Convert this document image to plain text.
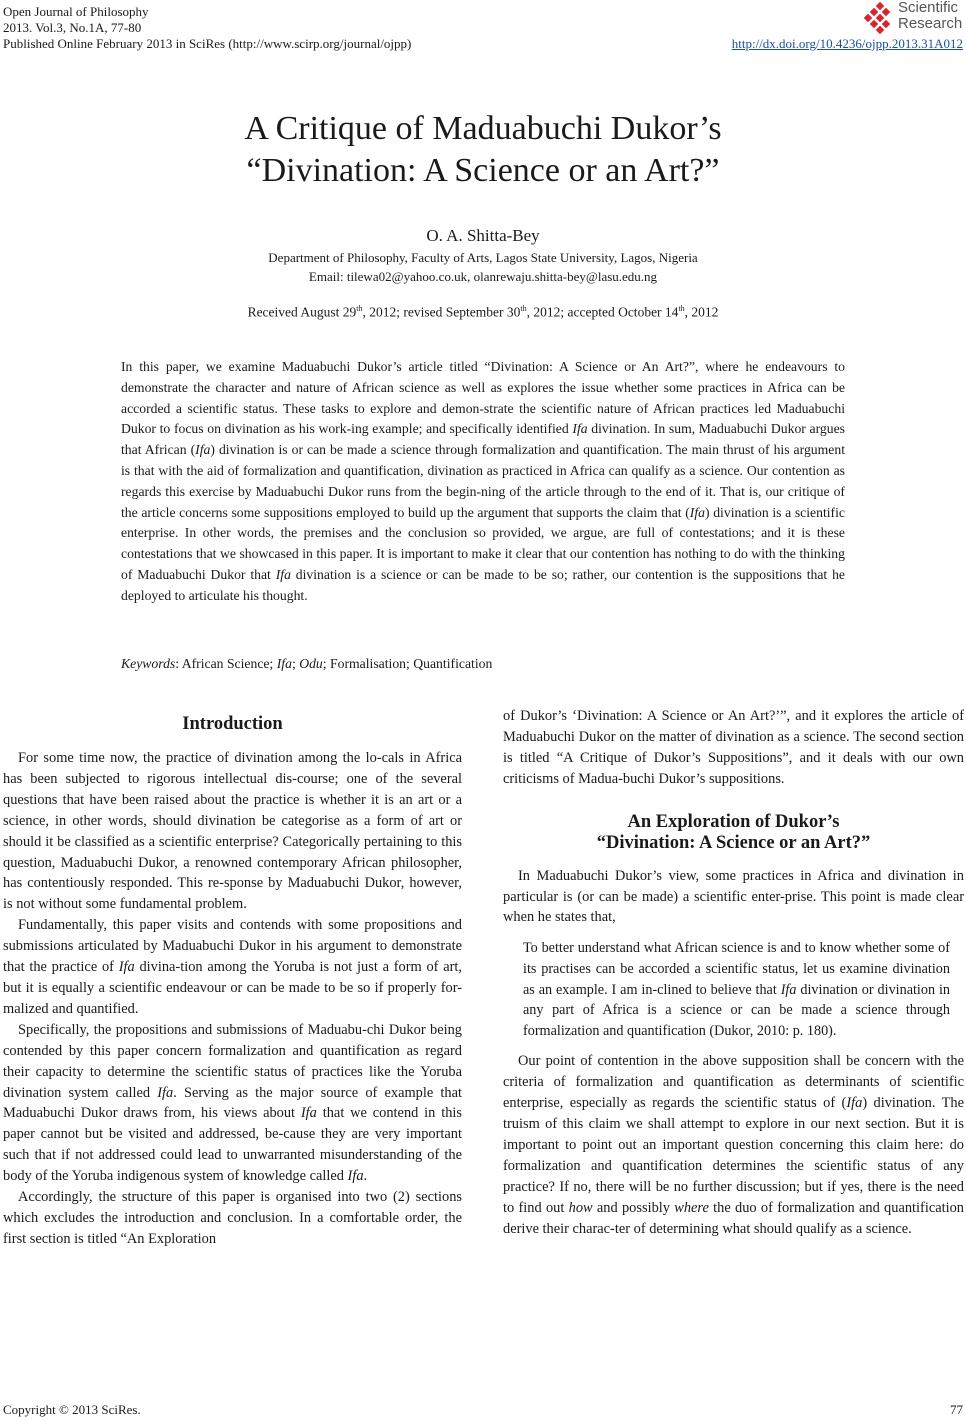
Open Journal of Philosophy
2013. Vol.3, No.1A, 77-80
Published Online February 2013 in SciRes (http://www.scirp.org/journal/ojpp)	http://dx.doi.org/10.4236/ojpp.2013.31A012
Scientific
Research
A Critique of Maduabuchi Dukor’s
“Divination: A Science or an Art?”
O. A. Shitta-Bey
Department of Philosophy, Faculty of Arts, Lagos State University, Lagos, Nigeria
Email: tilewa02@yahoo.co.uk, olanrewaju.shitta-bey@lasu.edu.ng
Received August 29th, 2012; revised September 30th, 2012; accepted October 14th, 2012
In this paper, we examine Maduabuchi Dukor’s article titled “Divination: A Science or An Art?”, where he endeavours to demonstrate the character and nature of African science as well as explores the issue whether some practices in Africa can be accorded a scientific status. These tasks to explore and demon-strate the scientific nature of African practices led Maduabuchi Dukor to focus on divination as his work-ing example; and specifically identified Ifa divination. In sum, Maduabuchi Dukor argues that African (Ifa) divination is or can be made a science through formalization and quantification. The main thrust of his argument is that with the aid of formalization and quantification, divination as practiced in Africa can qualify as a science. Our contention as regards this exercise by Maduabuchi Dukor runs from the begin-ning of the article through to the end of it. That is, our critique of the article concerns some suppositions employed to build up the argument that supports the claim that (Ifa) divination is a scientific enterprise. In other words, the premises and the conclusion so provided, we argue, are full of contestations; and it is these contestations that we showcased in this paper. It is important to make it clear that our contention has nothing to do with the thinking of Maduabuchi Dukor that Ifa divination is a science or can be made to be so; rather, our contention is the suppositions that he deployed to articulate his thought.
Keywords: African Science; Ifa; Odu; Formalisation; Quantification
Introduction

For some time now, the practice of divination among the lo-cals in Africa has been subjected to rigorous intellectual dis-course; one of the several questions that have been raised about the practice is whether it is an art or a science, in other words, should divination be categorise as a form of art or should it be classified as a scientific enterprise? Categorically pertaining to this question, Maduabuchi Dukor, a renowned contemporary African philosopher, has contentiously responded. This re-sponse by Maduabuchi Dukor, however, is not without some fundamental problem.

Fundamentally, this paper visits and contends with some propositions and submissions articulated by Maduabuchi Dukor in his argument to demonstrate that the practice of Ifa divina-tion among the Yoruba is not just a form of art, but it is equally a scientific endeavour or can be made to be so if properly for-malized and quantified.

Specifically, the propositions and submissions of Maduabu-chi Dukor being contended by this paper concern formalization and quantification as regard their capacity to determine the scientific status of practices like the Yoruba divination system called Ifa. Serving as the major source of example that Maduabuchi Dukor draws from, his views about Ifa that we contend in this paper cannot but be visited and addressed, be-cause they are very important such that if not addressed could lead to unwarranted misunderstanding of the body of the Yoruba indigenous system of knowledge called Ifa.

Accordingly, the structure of this paper is organised into two (2) sections which excludes the introduction and conclusion. In a comfortable order, the first section is titled “An Exploration

of Dukor’s ‘Divination: A Science or An Art?’”, and it explores the article of Maduabuchi Dukor on the matter of divination as a science. The second section is titled “A Critique of Dukor’s Suppositions”, and it deals with our own criticisms of Madua-buchi Dukor’s suppositions.

An Exploration of Dukor’s
“Divination: A Science or an Art?”

In Maduabuchi Dukor’s view, some practices in Africa and divination in particular is (or can be made) a scientific enter-prise. This point is made clear when he states that,

To better understand what African science is and to know whether some of its practises can be accorded a scientific status, let us examine divination as an example. I am in-clined to believe that Ifa divination or divination in any part of Africa is a science or can be made a science through formalization and quantification (Dukor, 2010: p. 180).

Our point of contention in the above supposition shall be concern with the criteria of formalization and quantification as determinants of scientific enterprise, especially as regards the scientific status of (Ifa) divination. The truism of this claim we shall attempt to explore in our next section. But it is important to point out an important question concerning this claim here: do formalization and quantification determines the scientific status of any practice? If no, there will be no further discussion; but if yes, there is the need to find out how and possibly where the duo of formalization and quantification derive their charac-ter of determining what should qualify as a science.

Copyright © 2013 SciRes.	77
